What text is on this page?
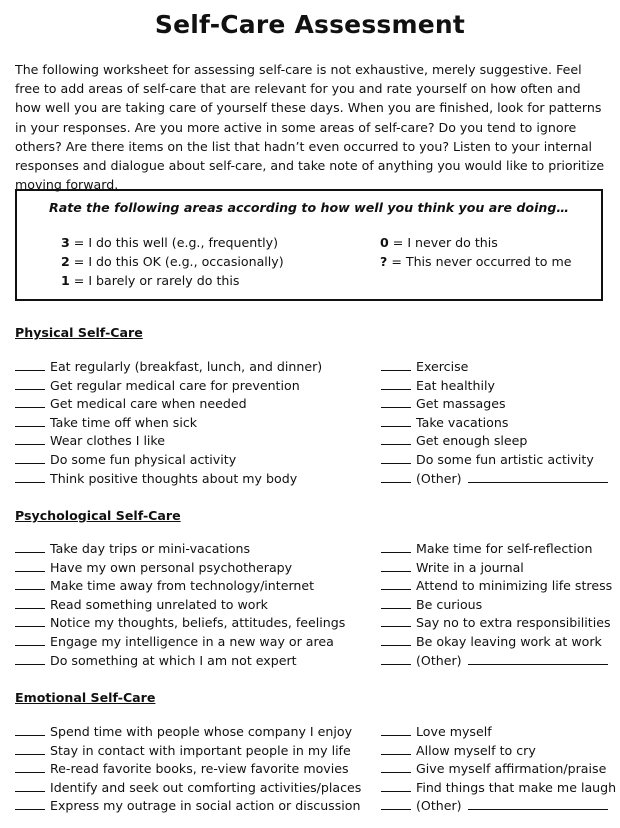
Self-Care Assessment

The following worksheet for assessing self-care is not exhaustive, merely suggestive. Feel free to add areas of self-care that are relevant for you and rate yourself on how often and how well you are taking care of yourself these days. When you are finished, look for patterns in your responses. Are you more active in some areas of self-care? Do you tend to ignore others? Are there items on the list that hadn’t even occurred to you? Listen to your internal responses and dialogue about self-care, and take note of anything you would like to prioritize moving forward.

Rate the following areas according to how well you think you are doing…
3 = I do this well (e.g., frequently)
2 = I do this OK (e.g., occasionally)
1 = I barely or rarely do this
0 = I never do this
? = This never occurred to me
Physical Self-Care
Eat regularly (breakfast, lunch, and dinner)
Get regular medical care for prevention
Get medical care when needed
Take time off when sick
Wear clothes I like
Do some fun physical activity
Think positive thoughts about my body
Exercise
Eat healthily
Get massages
Take vacations
Get enough sleep
Do some fun artistic activity
(Other)
Psychological Self-Care
Take day trips or mini-vacations
Have my own personal psychotherapy
Make time away from technology/internet
Read something unrelated to work
Notice my thoughts, beliefs, attitudes, feelings
Engage my intelligence in a new way or area
Do something at which I am not expert
Make time for self-reflection
Write in a journal
Attend to minimizing life stress
Be curious
Say no to extra responsibilities
Be okay leaving work at work
(Other)
Emotional Self-Care
Spend time with people whose company I enjoy
Stay in contact with important people in my life
Re-read favorite books, re-view favorite movies
Identify and seek out comforting activities/places
Express my outrage in social action or discussion
Love myself
Allow myself to cry
Give myself affirmation/praise
Find things that make me laugh
(Other)
